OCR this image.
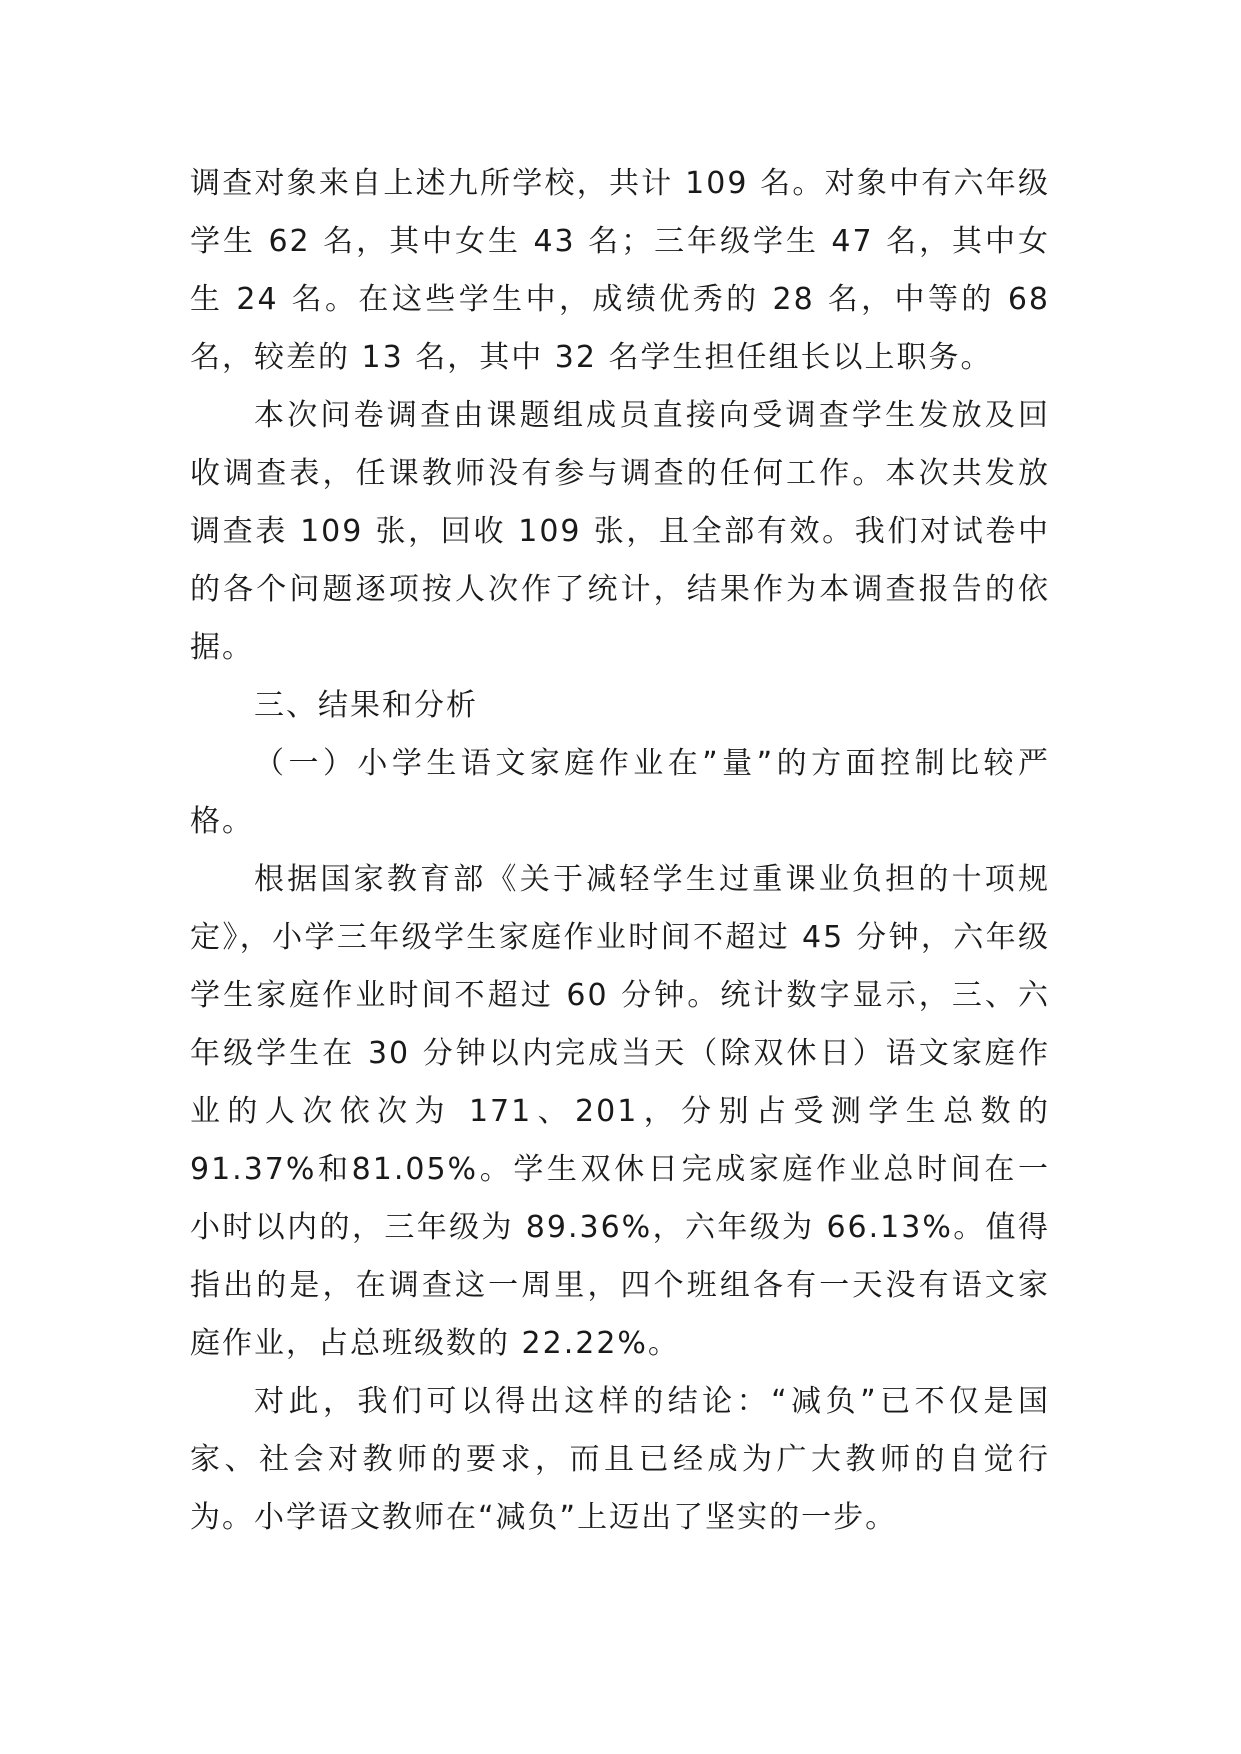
调查对象来自上述九所学校，共计 109 名。对象中有六年级学生 62 名，其中女生 43 名；三年级学生 47 名，其中女生 24 名。在这些学生中，成绩优秀的 28 名，中等的 68 名，较差的 13 名，其中 32 名学生担任组长以上职务。

本次问卷调查由课题组成员直接向受调查学生发放及回收调查表，任课教师没有参与调查的任何工作。本次共发放调查表 109 张，回收 109 张，且全部有效。我们对试卷中的各个问题逐项按人次作了统计，结果作为本调查报告的依据。

三、结果和分析

（一）小学生语文家庭作业在”量”的方面控制比较严格。

根据国家教育部《关于减轻学生过重课业负担的十项规定》，小学三年级学生家庭作业时间不超过 45 分钟，六年级学生家庭作业时间不超过 60 分钟。统计数字显示，三、六年级学生在 30 分钟以内完成当天（除双休日）语文家庭作业的人次依次为 171、201，分别占受测学生总数的 91.37%和81.05%。学生双休日完成家庭作业总时间在一小时以内的，三年级为 89.36%，六年级为 66.13%。值得指出的是，在调查这一周里，四个班组各有一天没有语文家庭作业，占总班级数的 22.22%。

对此，我们可以得出这样的结论：“减负”已不仅是国家、社会对教师的要求，而且已经成为广大教师的自觉行为。小学语文教师在“减负”上迈出了坚实的一步。
